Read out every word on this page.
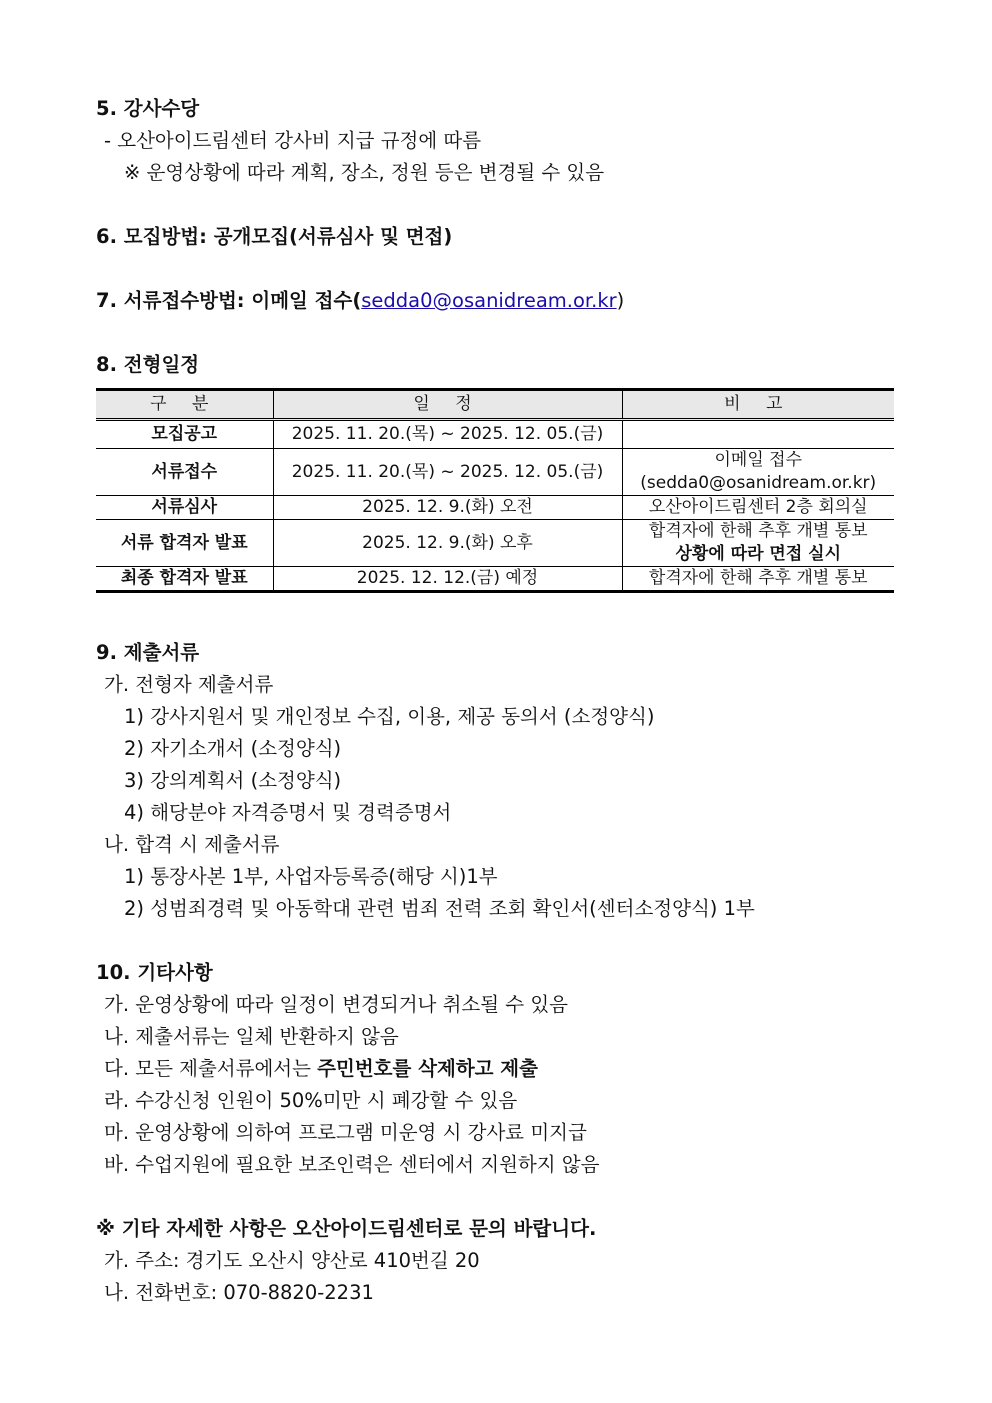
5. 강사수당
- 오산아이드림센터 강사비 지급 규정에 따름
※ 운영상황에 따라 계획, 장소, 정원 등은 변경될 수 있음
6. 모집방법: 공개모집(서류심사 및 면접)
7. 서류접수방법: 이메일 접수(sedda0@osanidream.or.kr)
8. 전형일정
구 분	일 정	비 고
모집공고	2025. 11. 20.(목) ~ 2025. 12. 05.(금)	
서류접수	2025. 11. 20.(목) ~ 2025. 12. 05.(금)	이메일 접수
(sedda0@osanidream.or.kr)

서류심사	2025. 12. 9.(화) 오전	오산아이드림센터 2층 회의실
서류 합격자 발표	2025. 12. 9.(화) 오후	합격자에 한해 추후 개별 통보
상황에 따라 면접 실시

최종 합격자 발표	2025. 12. 12.(금) 예정	합격자에 한해 추후 개별 통보
9. 제출서류
가. 전형자 제출서류
1) 강사지원서 및 개인정보 수집, 이용, 제공 동의서 (소정양식)
2) 자기소개서 (소정양식)
3) 강의계획서 (소정양식)
4) 해당분야 자격증명서 및 경력증명서
나. 합격 시 제출서류
1) 통장사본 1부, 사업자등록증(해당 시)1부
2) 성범죄경력 및 아동학대 관련 범죄 전력 조회 확인서(센터소정양식) 1부
10. 기타사항
가. 운영상황에 따라 일정이 변경되거나 취소될 수 있음
나. 제출서류는 일체 반환하지 않음
다. 모든 제출서류에서는 주민번호를 삭제하고 제출
라. 수강신청 인원이 50%미만 시 폐강할 수 있음
마. 운영상황에 의하여 프로그램 미운영 시 강사료 미지급
바. 수업지원에 필요한 보조인력은 센터에서 지원하지 않음
※ 기타 자세한 사항은 오산아이드림센터로 문의 바랍니다.
가. 주소: 경기도 오산시 양산로 410번길 20
나. 전화번호: 070-8820-2231
